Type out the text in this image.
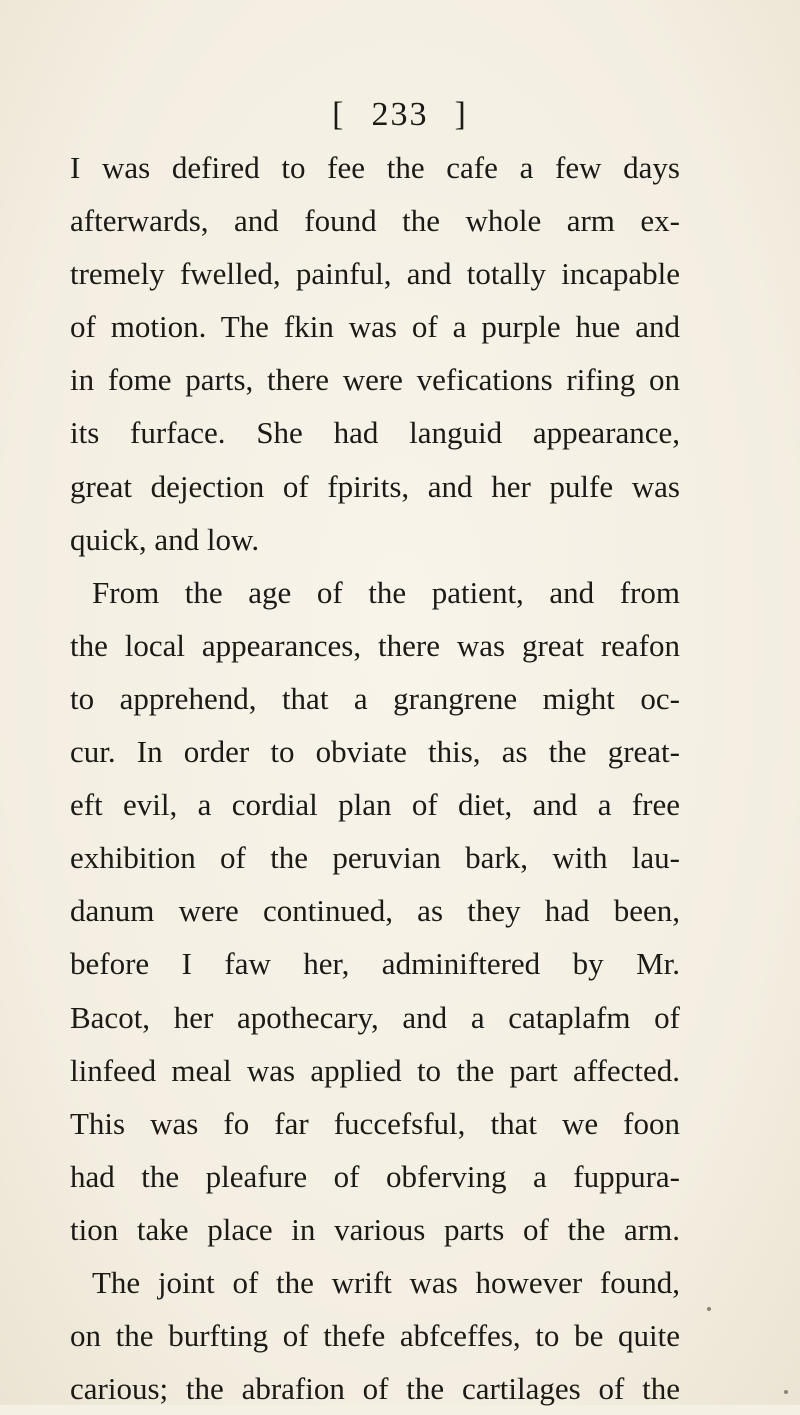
[ 233 ]
I was defired to fee the cafe a few days
afterwards, and found the whole arm ex-
tremely fwelled, painful, and totally incapable
of motion. The fkin was of a purple hue and
in fome parts, there were vefications rifing on
its furface. She had languid appearance,
great dejection of fpirits, and her pulfe was
quick, and low.
From the age of the patient, and from
the local appearances, there was great reafon
to apprehend, that a grangrene might oc-
cur. In order to obviate this, as the great-
eft evil, a cordial plan of diet, and a free
exhibition of the peruvian bark, with lau-
danum were continued, as they had been,
before I faw her, adminiftered by Mr.
Bacot, her apothecary, and a cataplafm of
linfeed meal was applied to the part affected.
This was fo far fuccefsful, that we foon
had the pleafure of obferving a fuppura-
tion take place in various parts of the arm.
The joint of the wrift was however found,
on the burfting of thefe abfceffes, to be quite
carious; the abrafion of the cartilages of the
